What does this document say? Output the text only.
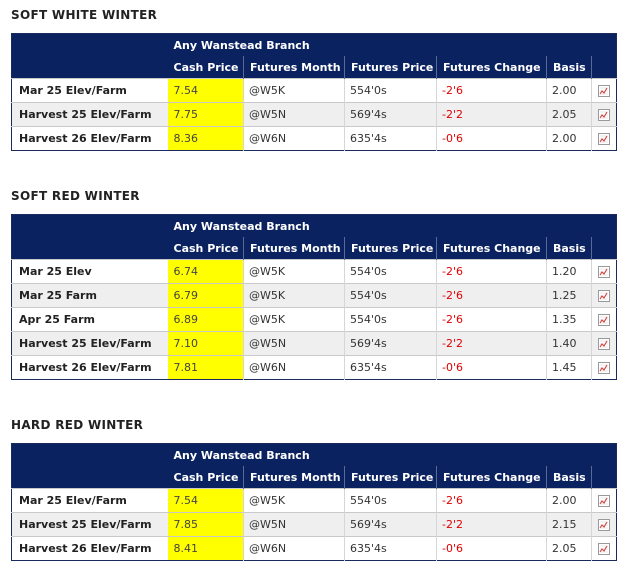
SOFT WHITE WINTER
	Any Wanstead Branch					
	Cash Price	Futures Month	Futures Price	Futures Change	Basis	
Mar 25 Elev/Farm	7.54	@W5K	554'0s	-2'6	2.00	
Harvest 25 Elev/Farm	7.75	@W5N	569'4s	-2'2	2.05	
Harvest 26 Elev/Farm	8.36	@W6N	635'4s	-0'6	2.00	
SOFT RED WINTER
	Any Wanstead Branch					
	Cash Price	Futures Month	Futures Price	Futures Change	Basis	
Mar 25 Elev	6.74	@W5K	554'0s	-2'6	1.20	
Mar 25 Farm	6.79	@W5K	554'0s	-2'6	1.25	
Apr 25 Farm	6.89	@W5K	554'0s	-2'6	1.35	
Harvest 25 Elev/Farm	7.10	@W5N	569'4s	-2'2	1.40	
Harvest 26 Elev/Farm	7.81	@W6N	635'4s	-0'6	1.45	
HARD RED WINTER
	Any Wanstead Branch					
	Cash Price	Futures Month	Futures Price	Futures Change	Basis	
Mar 25 Elev/Farm	7.54	@W5K	554'0s	-2'6	2.00	
Harvest 25 Elev/Farm	7.85	@W5N	569'4s	-2'2	2.15	
Harvest 26 Elev/Farm	8.41	@W6N	635'4s	-0'6	2.05	
